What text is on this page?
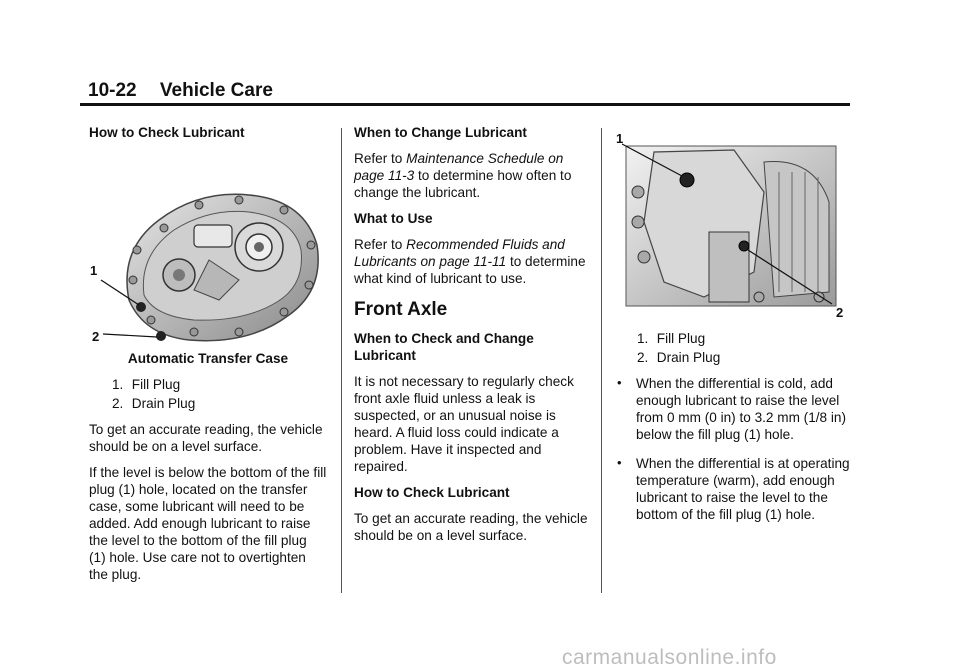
10-22 Vehicle Care

How to Check Lubricant

1
2

Automatic Transfer Case

1. Fill Plug
2. Drain Plug

To get an accurate reading, the vehicle should be on a level surface.

If the level is below the bottom of the fill plug (1) hole, located on the transfer case, some lubricant will need to be added. Add enough lubricant to raise the level to the bottom of the fill plug (1) hole. Use care not to overtighten the plug.

When to Change Lubricant

Refer to Maintenance Schedule on page 11‑3 to determine how often to change the lubricant.

What to Use

Refer to Recommended Fluids and Lubricants on page 11‑11 to determine what kind of lubricant to use.

Front Axle

When to Check and Change Lubricant

It is not necessary to regularly check front axle fluid unless a leak is suspected, or an unusual noise is heard. A fluid loss could indicate a problem. Have it inspected and repaired.

How to Check Lubricant

To get an accurate reading, the vehicle should be on a level surface.

1
2
1. Fill Plug
2. Drain Plug
• When the differential is cold, add enough lubricant to raise the level from 0 mm (0 in) to 3.2 mm (1/8 in) below the fill plug (1) hole.
• When the differential is at operating temperature (warm), add enough lubricant to raise the level to the bottom of the fill plug (1) hole.
carmanualsonline.info
